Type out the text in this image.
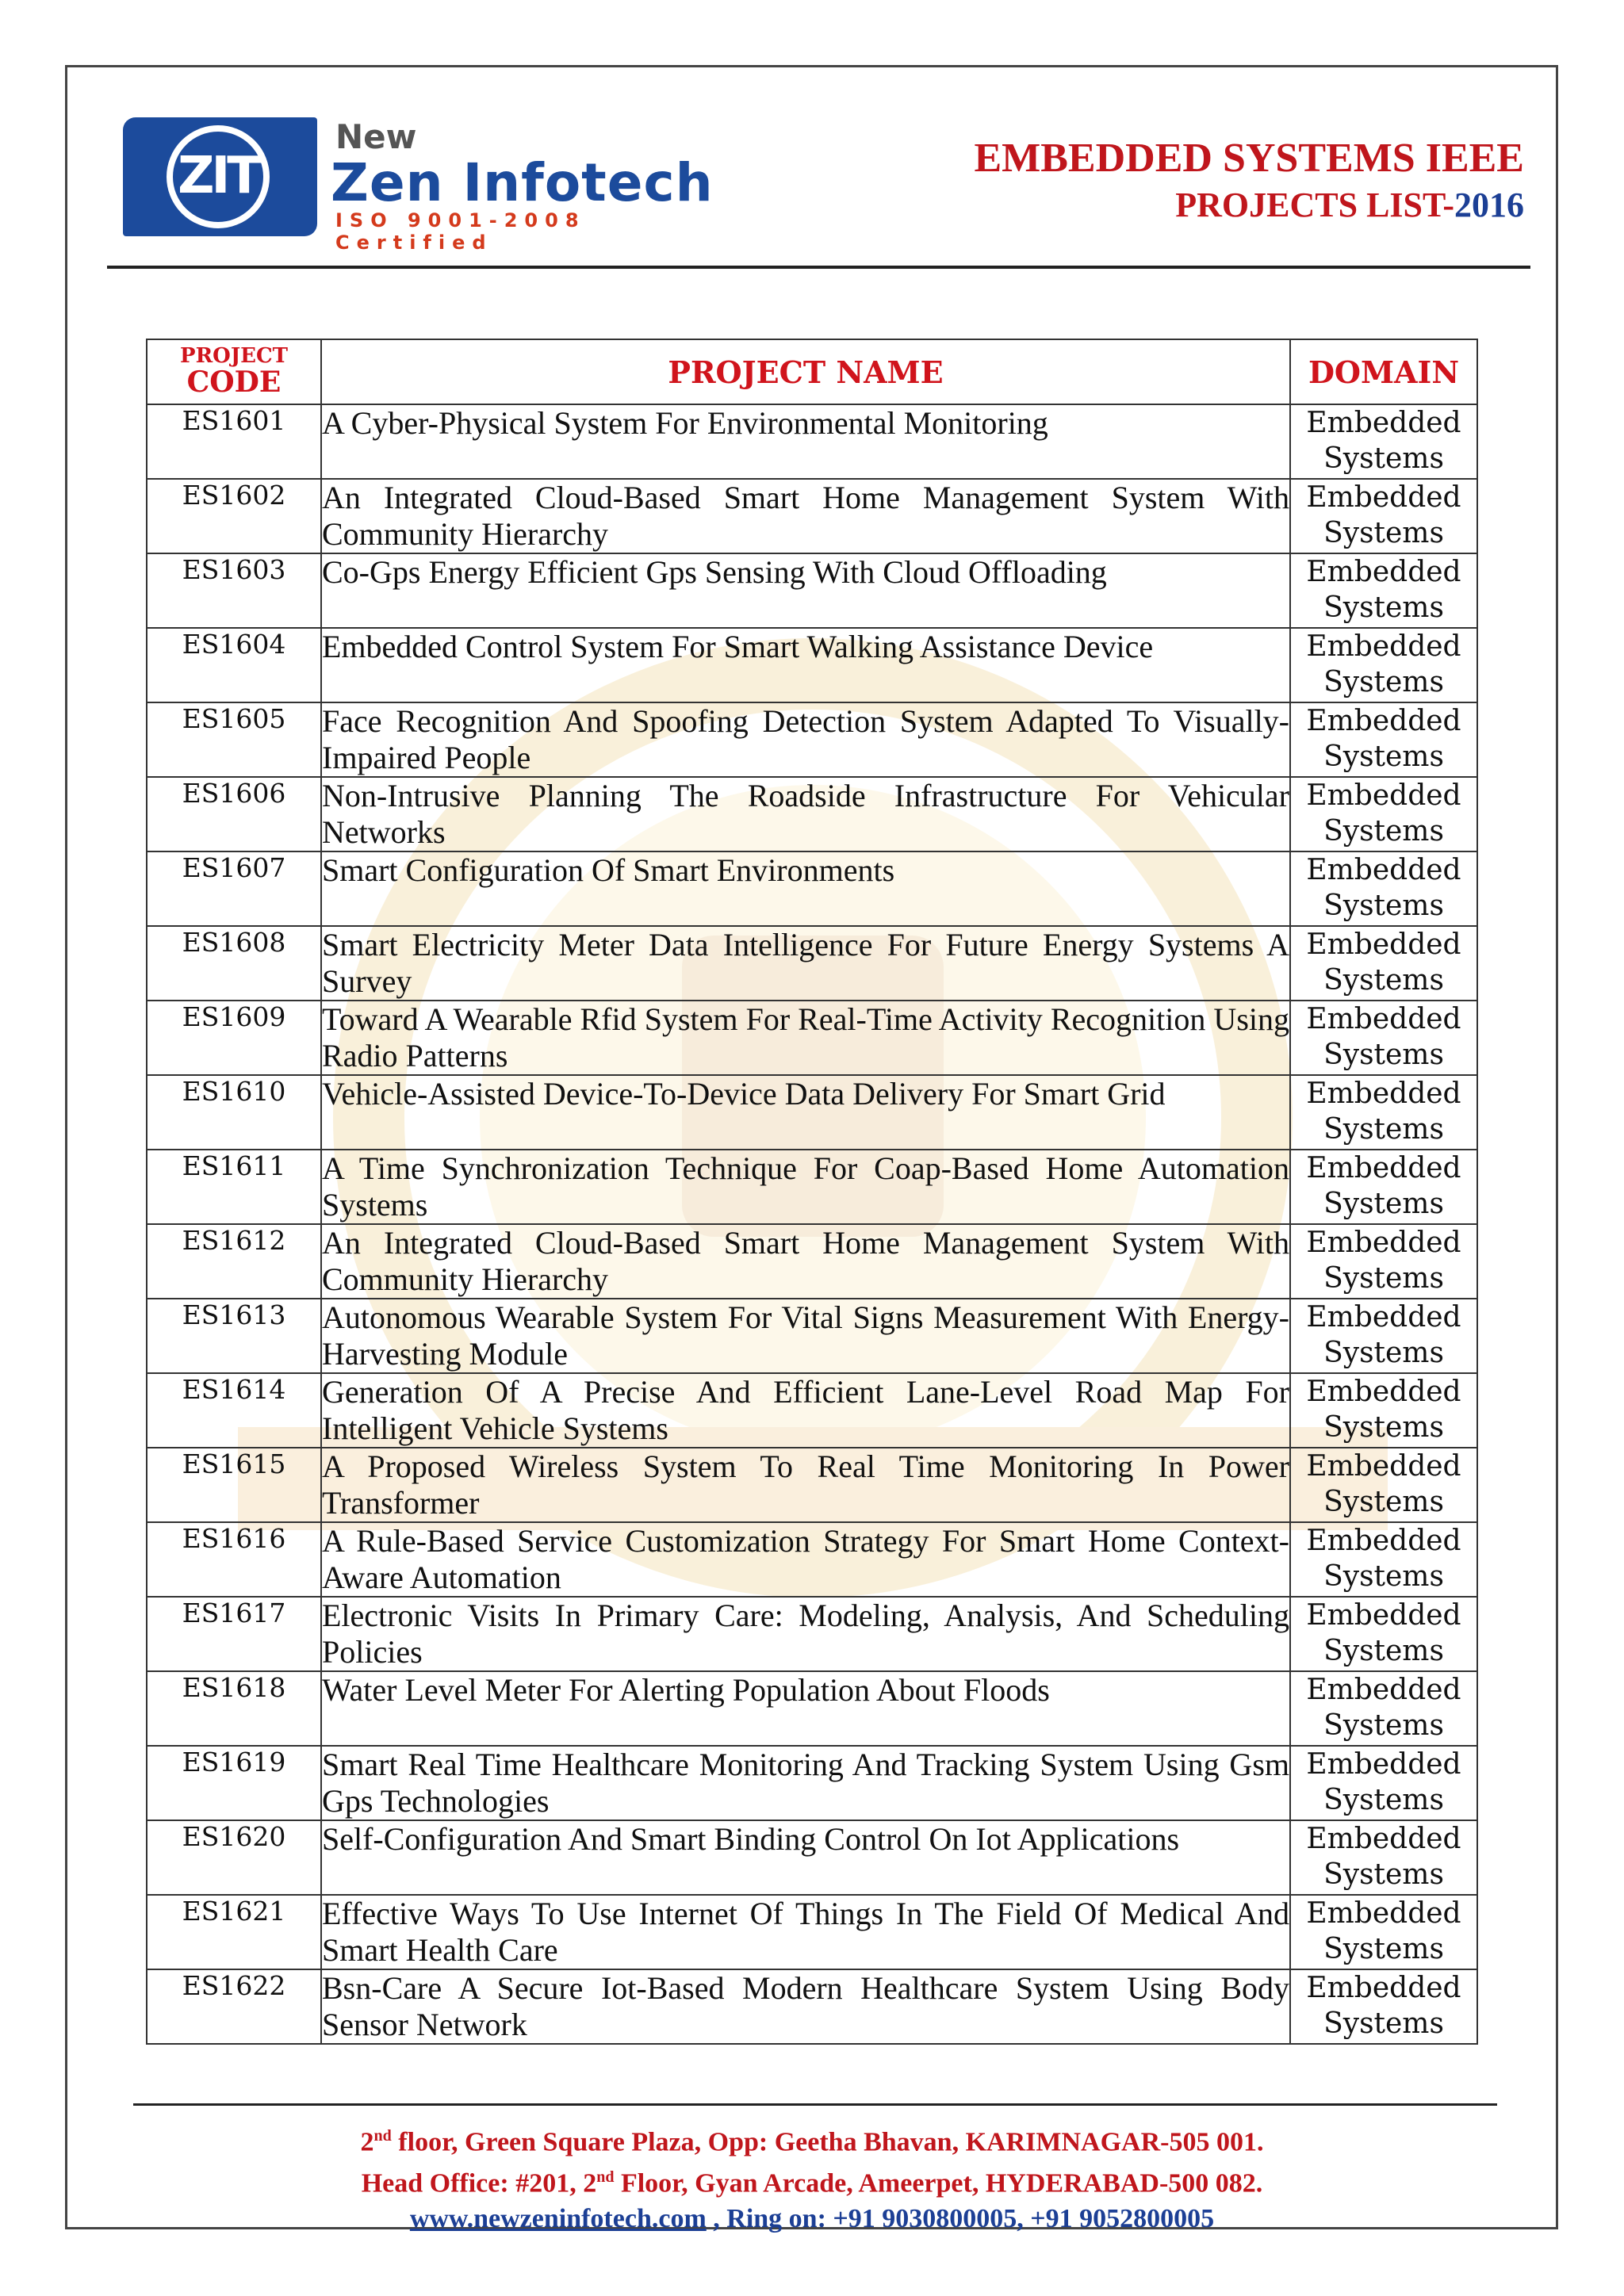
ZIT
New
Zen Infotech
ISO 9001-2008 Certified
EMBEDDED SYSTEMS IEEE
PROJECTS LIST-2016
PROJECT
CODE	PROJECT NAME	DOMAIN
ES1601	A Cyber-Physical System For Environmental Monitoring	Embedded Systems
ES1602	An Integrated Cloud-Based Smart Home Management System With Community Hierarchy	Embedded Systems
ES1603	Co-Gps Energy Efficient Gps Sensing With Cloud Offloading	Embedded Systems
ES1604	Embedded Control System For Smart Walking Assistance Device	Embedded Systems
ES1605	Face Recognition And Spoofing Detection System Adapted To Visually-Impaired People	Embedded Systems
ES1606	Non-Intrusive Planning The Roadside Infrastructure For Vehicular Networks	Embedded Systems
ES1607	Smart Configuration Of Smart Environments	Embedded Systems
ES1608	Smart Electricity Meter Data Intelligence For Future Energy Systems A Survey	Embedded Systems
ES1609	Toward A Wearable Rfid System For Real-Time Activity Recognition Using Radio Patterns	Embedded Systems
ES1610	Vehicle-Assisted Device-To-Device Data Delivery For Smart Grid	Embedded Systems
ES1611	A Time Synchronization Technique For Coap-Based Home Automation Systems	Embedded Systems
ES1612	An Integrated Cloud-Based Smart Home Management System With Community Hierarchy	Embedded Systems
ES1613	Autonomous Wearable System For Vital Signs Measurement With Energy-Harvesting Module	Embedded Systems
ES1614	Generation Of A Precise And Efficient Lane-Level Road Map For Intelligent Vehicle Systems	Embedded Systems
ES1615	A Proposed Wireless System To Real Time Monitoring In Power Transformer	Embedded Systems
ES1616	A Rule-Based Service Customization Strategy For Smart Home Context-Aware Automation	Embedded Systems
ES1617	Electronic Visits In Primary Care: Modeling, Analysis, And Scheduling Policies	Embedded Systems
ES1618	Water Level Meter For Alerting Population About Floods	Embedded Systems
ES1619	Smart Real Time Healthcare Monitoring And Tracking System Using Gsm Gps Technologies	Embedded Systems
ES1620	Self-Configuration And Smart Binding Control On Iot Applications	Embedded Systems
ES1621	Effective Ways To Use Internet Of Things In The Field Of Medical And Smart Health Care	Embedded Systems
ES1622	Bsn-Care A Secure Iot-Based Modern Healthcare System Using Body Sensor Network	Embedded Systems
2nd floor, Green Square Plaza, Opp: Geetha Bhavan, KARIMNAGAR-505 001.
Head Office: #201, 2nd Floor, Gyan Arcade, Ameerpet, HYDERABAD-500 082.
www.newzeninfotech.com , Ring on: +91 9030800005, +91 9052800005
